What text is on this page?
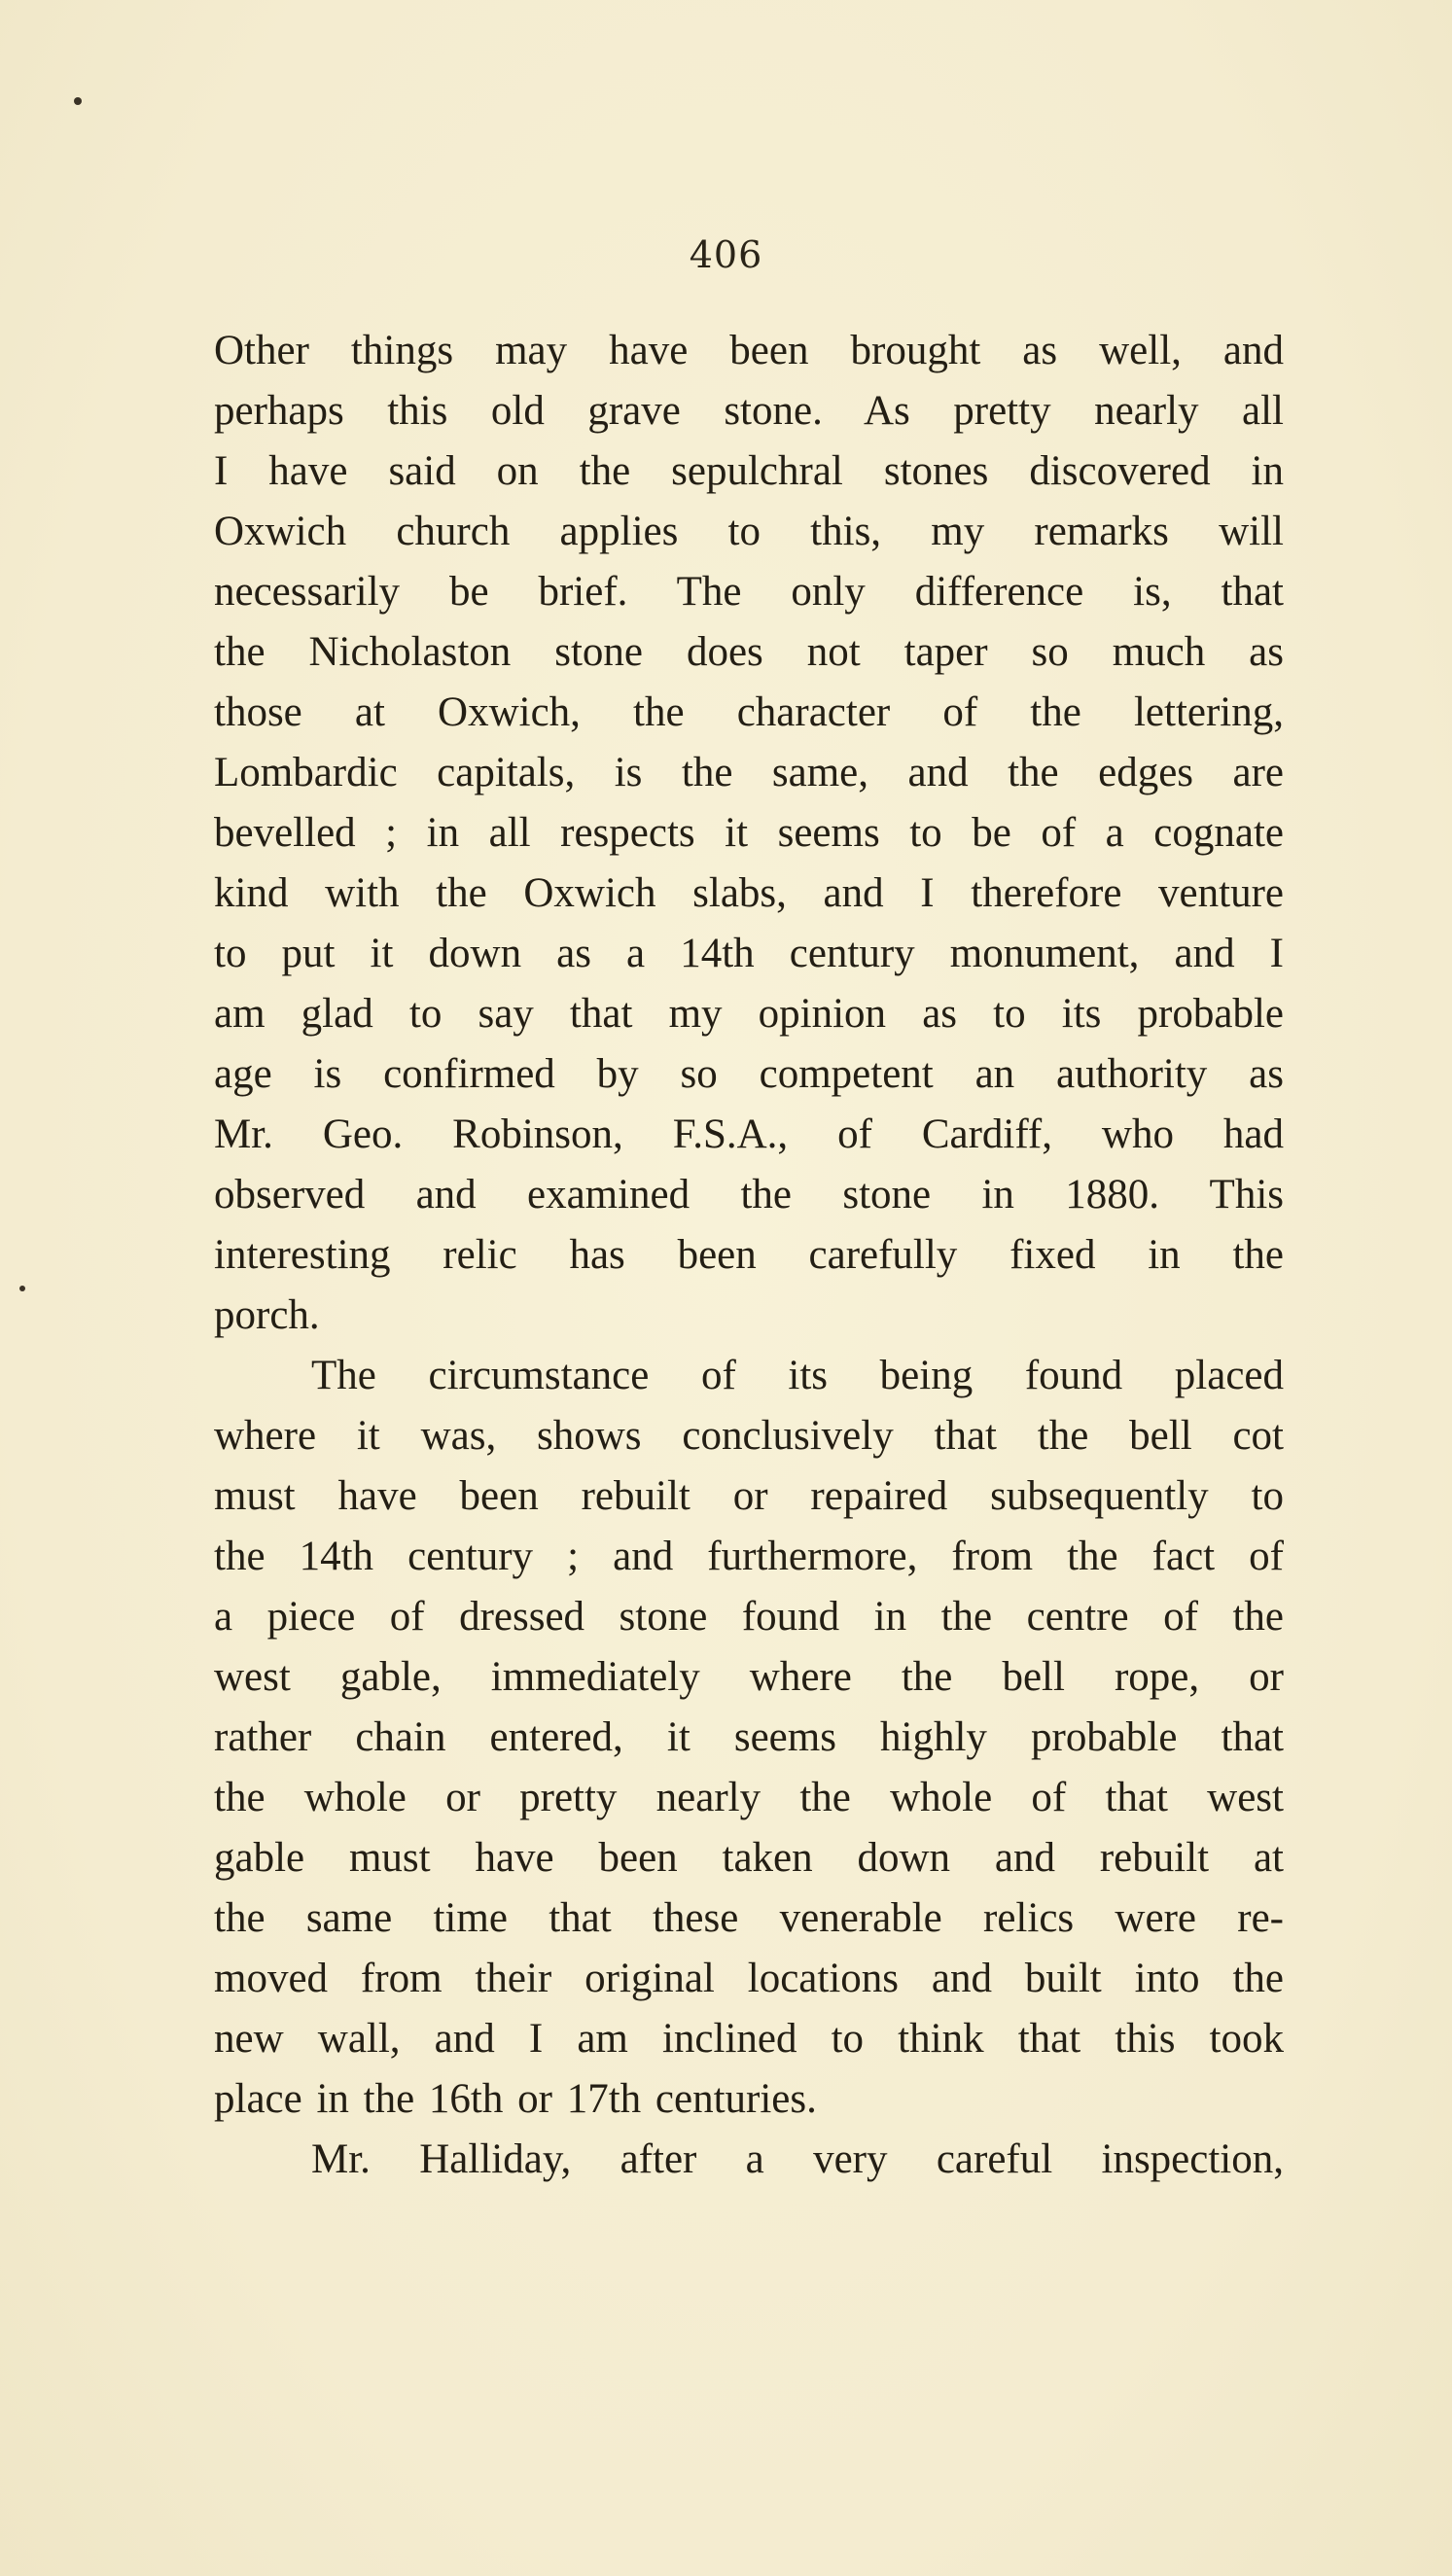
406
Other things may have been brought as well, and
perhaps this old grave stone. As pretty nearly all
I have said on the sepulchral stones discovered in
Oxwich church applies to this, my remarks will
necessarily be brief. The only difference is, that
the Nicholaston stone does not taper so much as
those at Oxwich, the character of the lettering,
Lombardic capitals, is the same, and the edges are
bevelled ; in all respects it seems to be of a cognate
kind with the Oxwich slabs, and I therefore venture
to put it down as a 14th century monument, and I
am glad to say that my opinion as to its probable
age is confirmed by so competent an authority as
Mr. Geo. Robinson, F.S.A., of Cardiff, who had
observed and examined the stone in 1880. This
interesting relic has been carefully fixed in the
porch.
The circumstance of its being found placed
where it was, shows conclusively that the bell cot
must have been rebuilt or repaired subsequently to
the 14th century ; and furthermore, from the fact of
a piece of dressed stone found in the centre of the
west gable, immediately where the bell rope, or
rather chain entered, it seems highly probable that
the whole or pretty nearly the whole of that west
gable must have been taken down and rebuilt at
the same time that these venerable relics were re-
moved from their original locations and built into the
new wall, and I am inclined to think that this took
place in the 16th or 17th centuries.
Mr. Halliday, after a very careful inspection,
